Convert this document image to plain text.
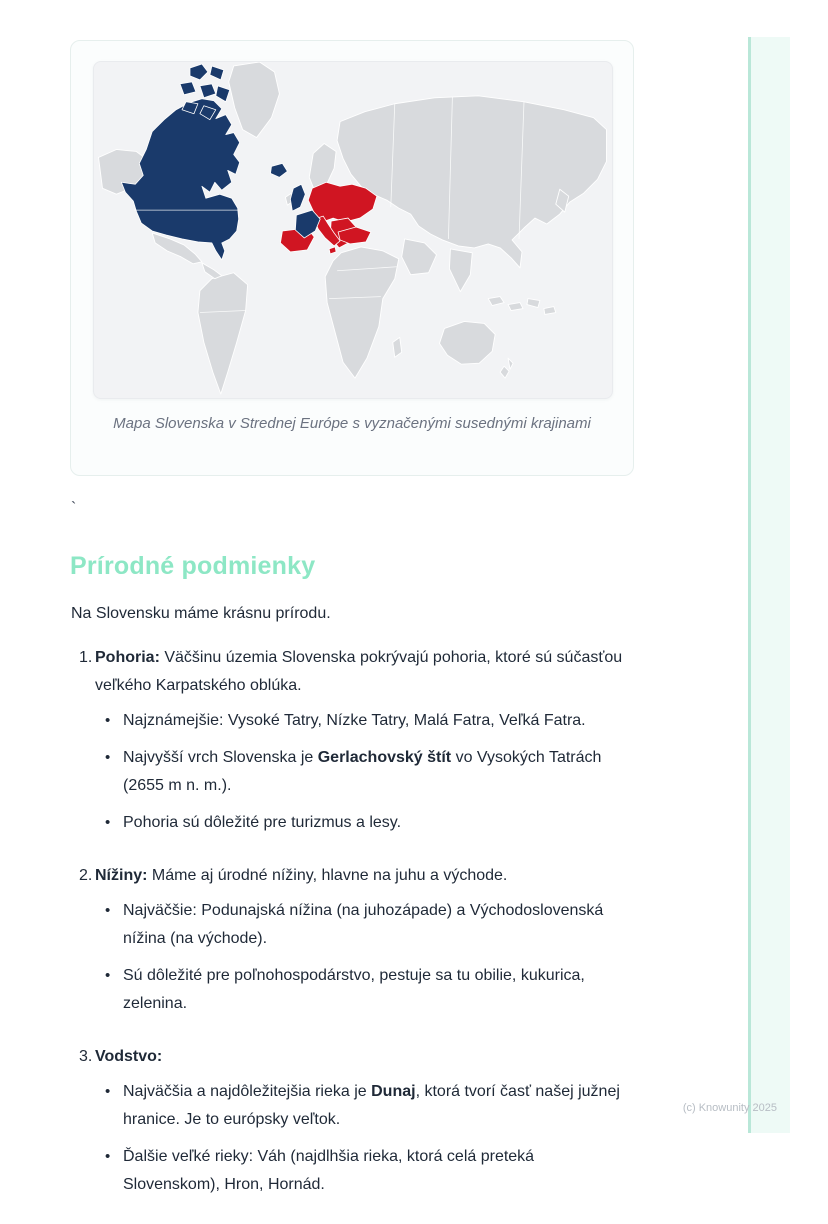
Mapa Slovenska v Strednej Európe s vyznačenými susednými krajinami
`
Prírodné podmienky

Na Slovensku máme krásnu prírodu.

1. Pohoria: Väčšinu územia Slovenska pokrývajú pohoria, ktoré sú súčasťou veľkého Karpatského oblúka.

• Najznámejšie: Vysoké Tatry, Nízke Tatry, Malá Fatra, Veľká Fatra.

• Najvyšší vrch Slovenska je Gerlachovský štít vo Vysokých Tatrách (2655 m n. m.).

• Pohoria sú dôležité pre turizmus a lesy.

2. Nížiny: Máme aj úrodné nížiny, hlavne na juhu a východe.

• Najväčšie: Podunajská nížina (na juhozápade) a Východoslovenská nížina (na východe).

• Sú dôležité pre poľnohospodárstvo, pestuje sa tu obilie, kukurica, zelenina.

3. Vodstvo:

• Najväčšia a najdôležitejšia rieka je Dunaj, ktorá tvorí časť našej južnej hranice. Je to európsky veľtok.

• Ďalšie veľké rieky: Váh (najdlhšia rieka, ktorá celá preteká Slovenskom), Hron, Hornád.

(c) Knowunity 2025
